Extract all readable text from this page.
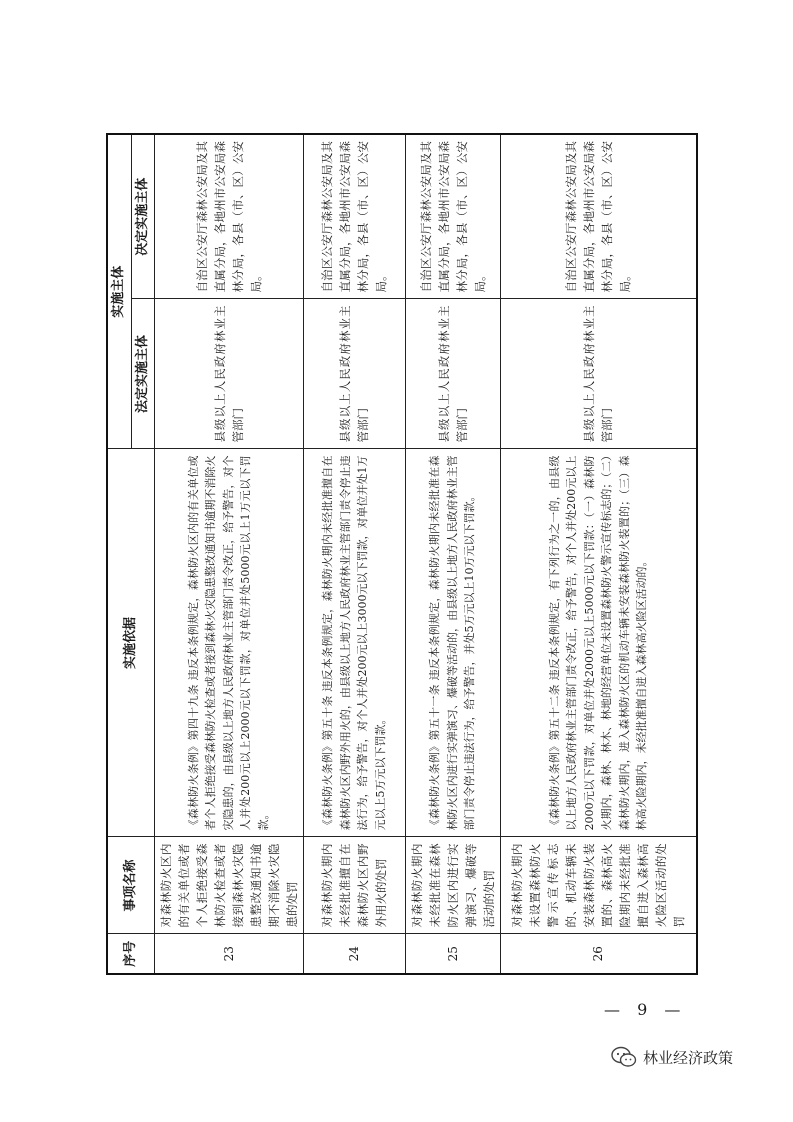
序号	事项名称	实施依据	实施主体	
			法定实施主体	决定实施主体
23	对森林防火区内的有关单位或者个人拒绝接受森林防火检查或者接到森林火灾隐患整改通知书逾期不消除火灾隐患的处罚	《森林防火条例》第四十九条 违反本条例规定，森林防火区内的有关单位或者个人拒绝接受森林防火检查或者接到森林火灾隐患整改通知书逾期不消除火灾隐患的，由县级以上地方人民政府林业主管部门责令改正，给予警告，对个人并处200元以上2000元以下罚款，对单位并处5000元以上1万元以下罚款。	县级以上人民政府林业主管部门	自治区公安厅森林公安局及其直属分局，各地州市公安局森林分局，各县（市、区）公安局。
24	对森林防火期内未经批准擅自在森林防火区内野外用火的处罚	《森林防火条例》第五十条 违反本条例规定，森林防火期内未经批准擅自在森林防火区内野外用火的，由县级以上地方人民政府林业主管部门责令停止违法行为，给予警告，对个人并处200元以上3000元以下罚款，对单位并处1万元以上5万元以下罚款。	县级以上人民政府林业主管部门	自治区公安厅森林公安局及其直属分局，各地州市公安局森林分局，各县（市、区）公安局。
25	对森林防火期内未经批准在森林防火区内进行实弹演习、爆破等活动的处罚	《森林防火条例》第五十一条 违反本条例规定，森林防火期内未经批准在森林防火区内进行实弹演习、爆破等活动的，由县级以上地方人民政府林业主管部门责令停止违法行为，给予警告，并处5万元以上10万元以下罚款。	县级以上人民政府林业主管部门	自治区公安厅森林公安局及其直属分局，各地州市公安局森林分局，各县（市、区）公安局。
26	对森林防火期内未设置森林防火警示宣传标志的、机动车辆未安装森林防火装置的、森林高火险期内未经批准擅自进入森林高火险区活动的处罚	《森林防火条例》第五十二条 违反本条例规定，有下列行为之一的，由县级以上地方人民政府林业主管部门责令改正，给予警告，对个人并处200元以上2000元以下罚款，对单位并处2000元以上5000元以下罚款：（一）森林防火期内，森林、林木、林地的经营单位未设置森林防火警示宣传标志的；（二）森林防火期内，进入森林防火区的机动车辆未安装森林防火装置的；（三）森林高火险期内，未经批准擅自进入森林高火险区活动的。	县级以上人民政府林业主管部门	自治区公安厅森林公安局及其直属分局，各地州市公安局森林分局，各县（市、区）公安局。
— 9 —
林业经济政策
